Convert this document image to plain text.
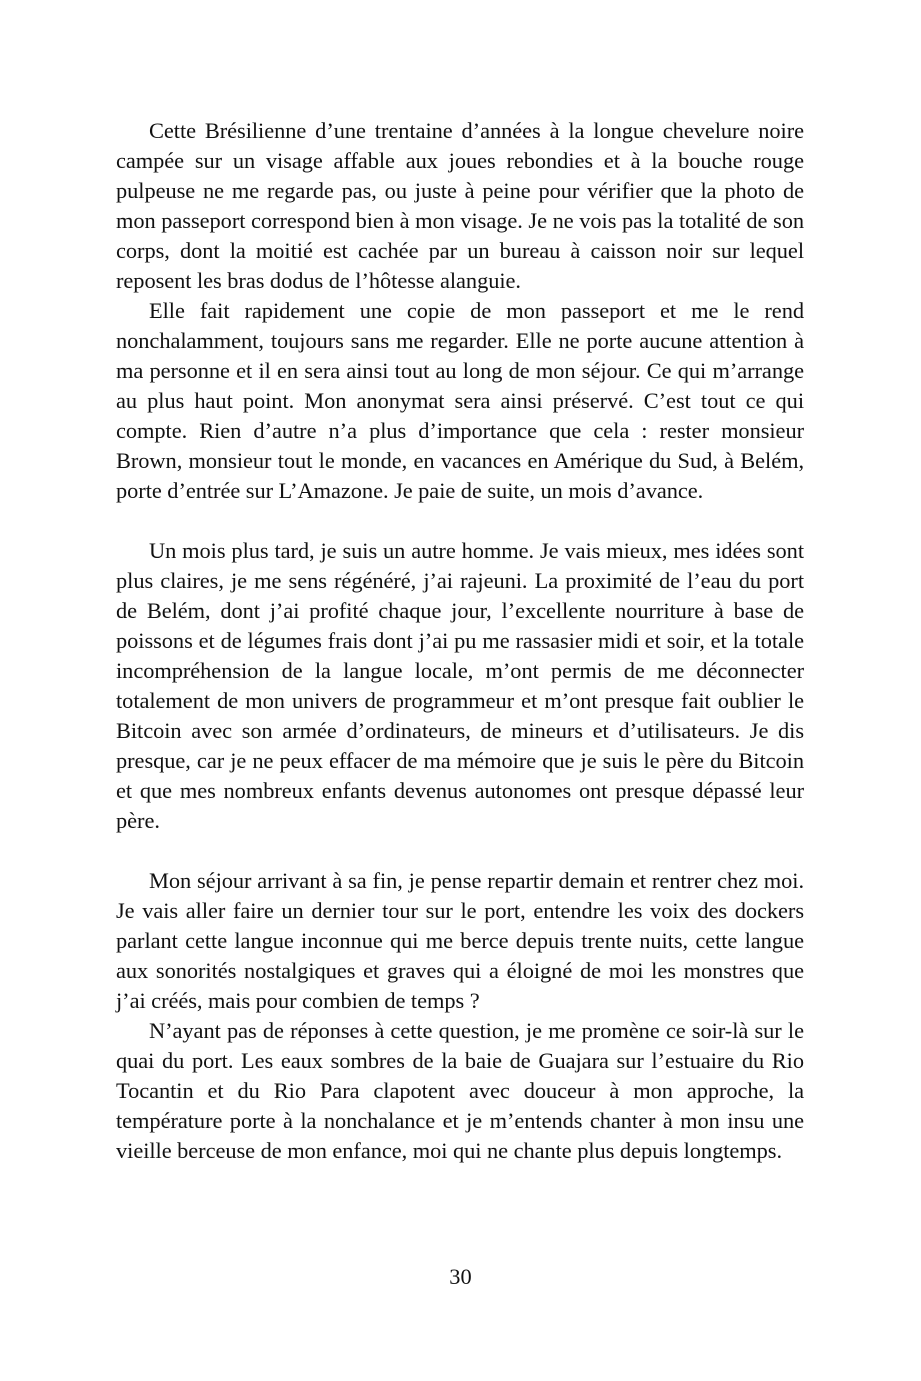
Cette Brésilienne d’une trentaine d’années à la longue chevelure noire campée sur un visage affable aux joues rebondies et à la bouche rouge pulpeuse ne me regarde pas, ou juste à peine pour vérifier que la photo de mon passeport correspond bien à mon visage. Je ne vois pas la totalité de son corps, dont la moitié est cachée par un bureau à caisson noir sur lequel reposent les bras dodus de l’hôtesse alanguie.

Elle fait rapidement une copie de mon passeport et me le rend nonchalamment, toujours sans me regarder. Elle ne porte aucune attention à ma personne et il en sera ainsi tout au long de mon séjour. Ce qui m’arrange au plus haut point. Mon anonymat sera ainsi préservé. C’est tout ce qui compte. Rien d’autre n’a plus d’importance que cela : rester monsieur Brown, monsieur tout le monde, en vacances en Amérique du Sud, à Belém, porte d’entrée sur L’Amazone. Je paie de suite, un mois d’avance.

Un mois plus tard, je suis un autre homme. Je vais mieux, mes idées sont plus claires, je me sens régénéré, j’ai rajeuni. La proximité de l’eau du port de Belém, dont j’ai profité chaque jour, l’excellente nourriture à base de poissons et de légumes frais dont j’ai pu me rassasier midi et soir, et la totale incompréhension de la langue locale, m’ont permis de me déconnecter totalement de mon univers de programmeur et m’ont presque fait oublier le Bitcoin avec son armée d’ordinateurs, de mineurs et d’utilisateurs. Je dis presque, car je ne peux effacer de ma mémoire que je suis le père du Bitcoin et que mes nombreux enfants devenus autonomes ont presque dépassé leur père.

Mon séjour arrivant à sa fin, je pense repartir demain et rentrer chez moi. Je vais aller faire un dernier tour sur le port, entendre les voix des dockers parlant cette langue inconnue qui me berce depuis trente nuits, cette langue aux sonorités nostalgiques et graves qui a éloigné de moi les monstres que j’ai créés, mais pour combien de temps ?

N’ayant pas de réponses à cette question, je me promène ce soir-là sur le quai du port. Les eaux sombres de la baie de Guajara sur l’estuaire du Rio Tocantin et du Rio Para clapotent avec douceur à mon approche, la température porte à la nonchalance et je m’entends chanter à mon insu une vieille berceuse de mon enfance, moi qui ne chante plus depuis longtemps.

30
